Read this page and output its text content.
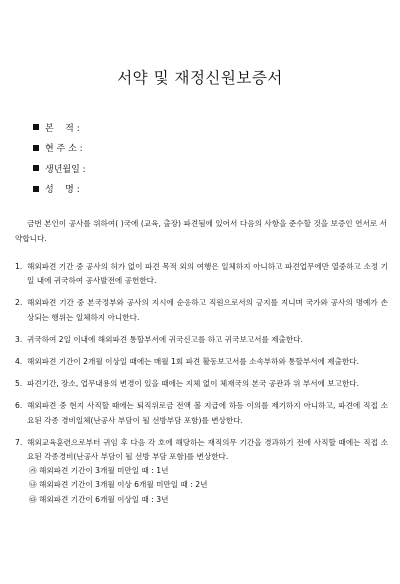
서약 및 재정신원보증서
본    적 :
현 주 소 :
생년월일 :
성    명 :
금번 본인이 공사를 위하여( )국에 (교육, 출장) 파견됨에 있어서 다음의 사항을 준수할 것을 보증인 연서로 서약합니다.
1. 해외파견 기간 중 공사의 허가 없이 파견 목적 외의 여행은 일체하지 아니하고 파견업무에만 열중하고 소정 기일 내에 귀국하여 공사발전에 공헌한다.
2. 해외파견 기간 중 본국정부와 공사의 지시에 순응하고 직원으로서의 긍지를 지니며 국가와 공사의 명예가 손상되는 행위는 일체하지 아니한다.
3. 귀국하여 2일 이내에 해외파견 통할부서에 귀국신고를 하고 귀국보고서를 제출한다.
4. 해외파견 기간이 2개월 이상일 때에는 매월 1회 파견 활동보고서를 소속부하와 통할부서에 제출한다.
5. 파견기간, 장소, 업무내용의 변경이 있을 때에는 지체 없이 체재국의 본국 공관과 위 부서에 보고한다.
6. 해외파견 중 현지 사직할 때에는 퇴직위로금 전액 볼 지급에 하등 이의를 제기하지 아니하고, 파견에 직접 소요된 각종 경비일체(난공사 부담이 될 선방부담 포함)를 변상한다.
7. 해외교육훈련으로부터 귀임 후 다음 각 호에 해당하는 재직의무 기간을 경과하기 전에 사직할 때에는 직접 소요된 각종경비(난공사 부담이 될 선방 부담 포함)를 변상한다.
㉮ 해외파견 기간이 3개월 미만일 때 : 1년
㉯ 해외파견 기간이 3개월 이상 6개월 미만일 때 : 2년
㉰ 해외파견 기간이 6개월 이상일 때 : 3년
